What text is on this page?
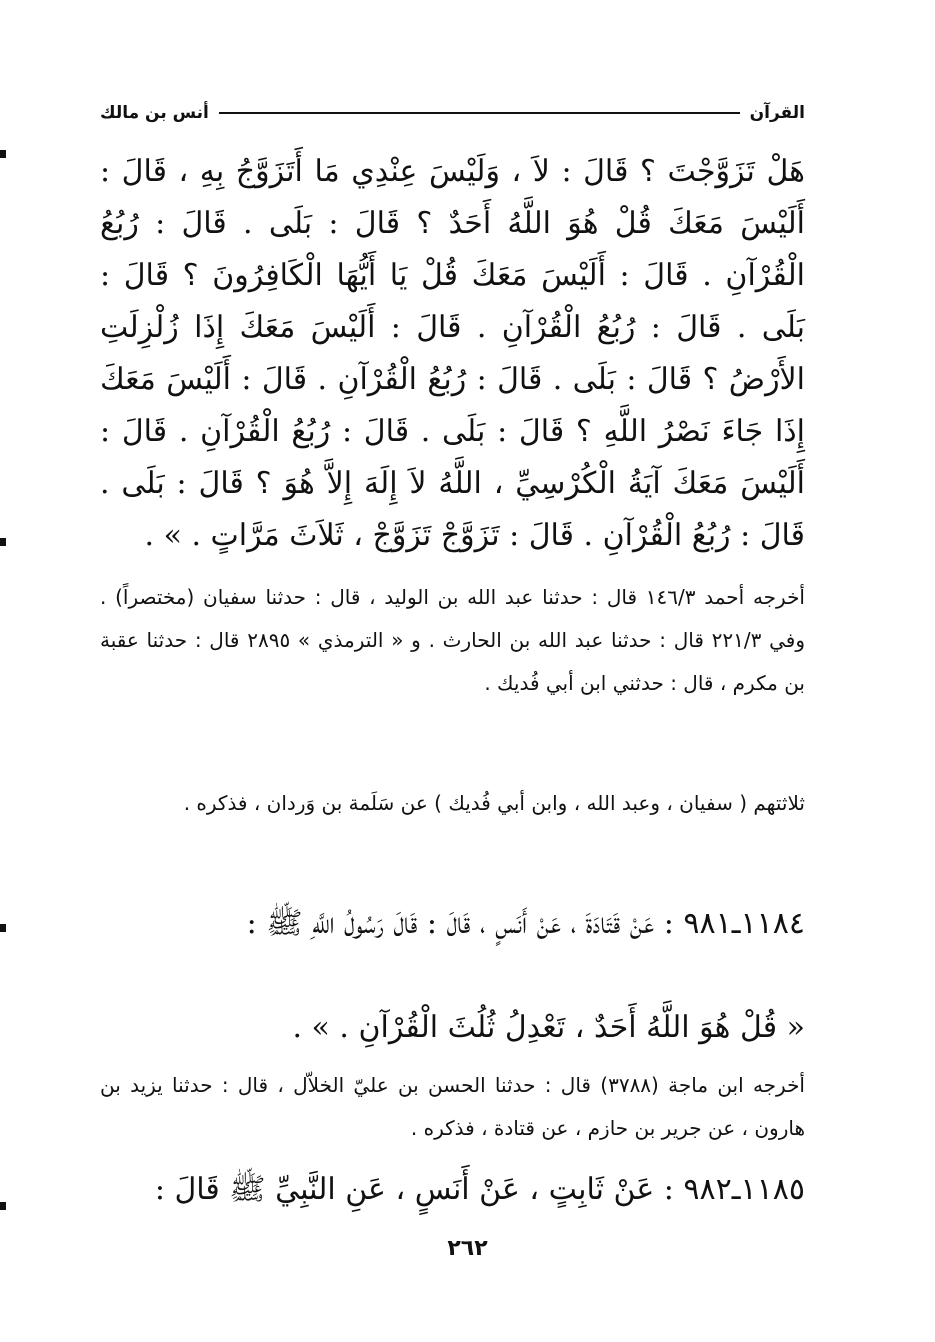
القرآن
أنس بن مالك
هَلْ تَزَوَّجْتَ ؟ قَالَ : لاَ ، وَلَيْسَ عِنْدِي مَا أَتَزَوَّجُ بِهِ ، قَالَ : أَلَيْسَ مَعَكَ قُلْ هُوَ اللَّهُ أَحَدٌ ؟ قَالَ : بَلَى . قَالَ : رُبُعُ الْقُرْآنِ . قَالَ : أَلَيْسَ مَعَكَ قُلْ يَا أَيُّهَا الْكَافِرُونَ ؟ قَالَ : بَلَى . قَالَ : رُبُعُ الْقُرْآنِ . قَالَ : أَلَيْسَ مَعَكَ إِذَا زُلْزِلَتِ الأَرْضُ ؟ قَالَ : بَلَى . قَالَ : رُبُعُ الْقُرْآنِ . قَالَ : أَلَيْسَ مَعَكَ إِذَا جَاءَ نَصْرُ اللَّهِ ؟ قَالَ : بَلَى . قَالَ : رُبُعُ الْقُرْآنِ . قَالَ : أَلَيْسَ مَعَكَ آيَةُ الْكُرْسِيِّ ، اللَّهُ لاَ إِلَهَ إِلاَّ هُوَ ؟ قَالَ : بَلَى . قَالَ : رُبُعُ الْقُرْآنِ . قَالَ : تَزَوَّجْ تَزَوَّجْ ، ثَلاَثَ مَرَّاتٍ . » .
أخرجه أحمد ١٤٦/٣ قال : حدثنا عبد الله بن الوليد ، قال : حدثنا سفيان (مختصراً) . وفي ٢٢١/٣ قال : حدثنا عبد الله بن الحارث . و « الترمذي » ٢٨٩٥ قال : حدثنا عقبة بن مكرم ، قال : حدثني ابن أبي فُديك .
ثلاثتهم ( سفيان ، وعبد الله ، وابن أبي فُديك ) عن سَلَمة بن وَردان ، فذكره .
١١٨٤ـ٩٨١ : عَنْ قَتَادَةَ ، عَنْ أَنَسٍ ، قَالَ : قَالَ رَسُولُ اللَّهِ ﷺ :
« قُلْ هُوَ اللَّهُ أَحَدٌ ، تَعْدِلُ ثُلُثَ الْقُرْآنِ . » .
أخرجه ابن ماجة (٣٧٨٨) قال : حدثنا الحسن بن عليّ الخلاّل ، قال : حدثنا يزيد بن هارون ، عن جرير بن حازم ، عن قتادة ، فذكره .
١١٨٥ـ٩٨٢ : عَنْ ثَابِتٍ ، عَنْ أَنَسٍ ، عَنِ النَّبِيِّ ﷺ قَالَ :
٢٦٢
